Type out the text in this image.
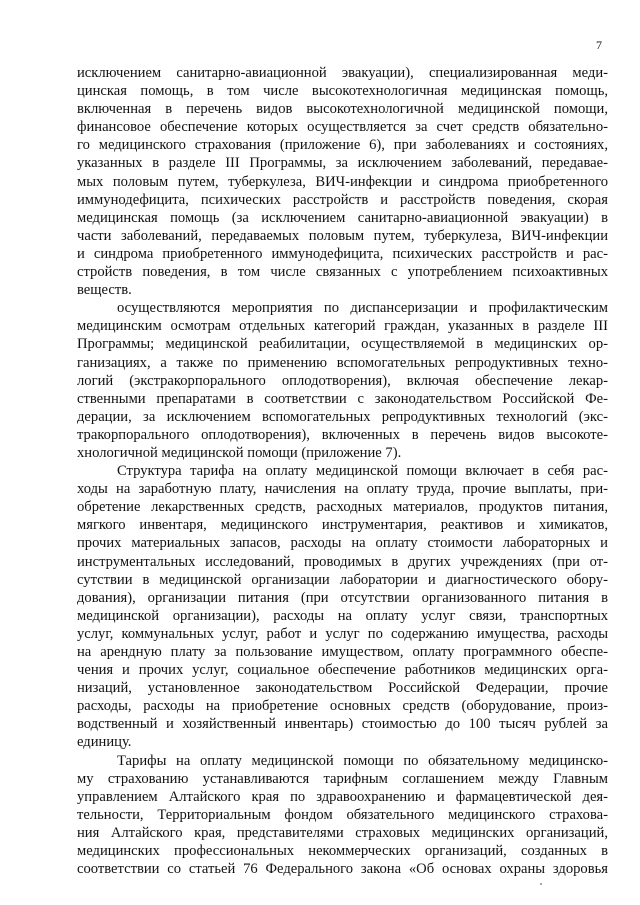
7
исключением санитарно-авиационной эвакуации), специализированная меди-
цинская помощь, в том числе высокотехнологичная медицинская помощь,
включенная в перечень видов высокотехнологичной медицинской помощи,
финансовое обеспечение которых осуществляется за счет средств обязательно-
го медицинского страхования (приложение 6), при заболеваниях и состояниях,
указанных в разделе III Программы, за исключением заболеваний, передавае-
мых половым путем, туберкулеза, ВИЧ-инфекции и синдрома приобретенного
иммунодефицита, психических расстройств и расстройств поведения, скорая
медицинская помощь (за исключением санитарно-авиационной эвакуации) в
части заболеваний, передаваемых половым путем, туберкулеза, ВИЧ-инфекции
и синдрома приобретенного иммунодефицита, психических расстройств и рас-
стройств поведения, в том числе связанных с употреблением психоактивных
веществ.
осуществляются мероприятия по диспансеризации и профилактическим
медицинским осмотрам отдельных категорий граждан, указанных в разделе III
Программы; медицинской реабилитации, осуществляемой в медицинских ор-
ганизациях, а также по применению вспомогательных репродуктивных техно-
логий (экстракорпорального оплодотворения), включая обеспечение лекар-
ственными препаратами в соответствии с законодательством Российской Фе-
дерации, за исключением вспомогательных репродуктивных технологий (экс-
тракорпорального оплодотворения), включенных в перечень видов высокоте-
хнологичной медицинской помощи (приложение 7).
Структура тарифа на оплату медицинской помощи включает в себя рас-
ходы на заработную плату, начисления на оплату труда, прочие выплаты, при-
обретение лекарственных средств, расходных материалов, продуктов питания,
мягкого инвентаря, медицинского инструментария, реактивов и химикатов,
прочих материальных запасов, расходы на оплату стоимости лабораторных и
инструментальных исследований, проводимых в других учреждениях (при от-
сутствии в медицинской организации лаборатории и диагностического обору-
дования), организации питания (при отсутствии организованного питания в
медицинской организации), расходы на оплату услуг связи, транспортных
услуг, коммунальных услуг, работ и услуг по содержанию имущества, расходы
на арендную плату за пользование имуществом, оплату программного обеспе-
чения и прочих услуг, социальное обеспечение работников медицинских орга-
низаций, установленное законодательством Российской Федерации, прочие
расходы, расходы на приобретение основных средств (оборудование, произ-
водственный и хозяйственный инвентарь) стоимостью до 100 тысяч рублей за
единицу.
Тарифы на оплату медицинской помощи по обязательному медицинско-
му страхованию устанавливаются тарифным соглашением между Главным
управлением Алтайского края по здравоохранению и фармацевтической дея-
тельности, Территориальным фондом обязательного медицинского страхова-
ния Алтайского края, представителями страховых медицинских организаций,
медицинских профессиональных некоммерческих организаций, созданных в
соответствии со статьей 76 Федерального закона «Об основах охраны здоровья
